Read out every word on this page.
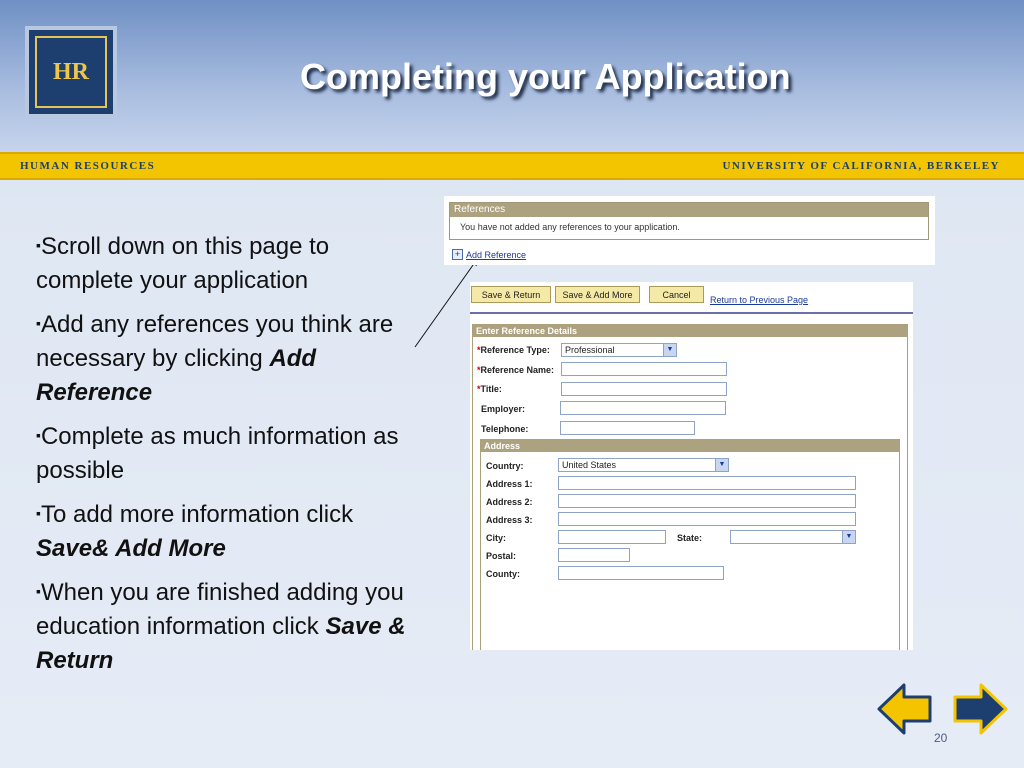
HR	Completing your Application
HUMAN RESOURCES	UNIVERSITY OF CALIFORNIA, BERKELEY
▪Scroll down on this page to complete your application
▪Add any references you think are necessary by clicking Add Reference
▪Complete as much information as possible
▪To add more information click Save& Add More
▪When you are finished adding you education information click Save & Return
References
You have not added any references to your application.
+ Add Reference
Save & Return	Save & Add More	Cancel	Return to Previous Page
Enter Reference Details
*Reference Type:	Professional	▼
*Reference Name:
*Title:
Employer:
Telephone:
Address
Country:	United States	▼
Address 1:
Address 2:
Address 3:
City:	State:	▼
Postal:
County:
20
